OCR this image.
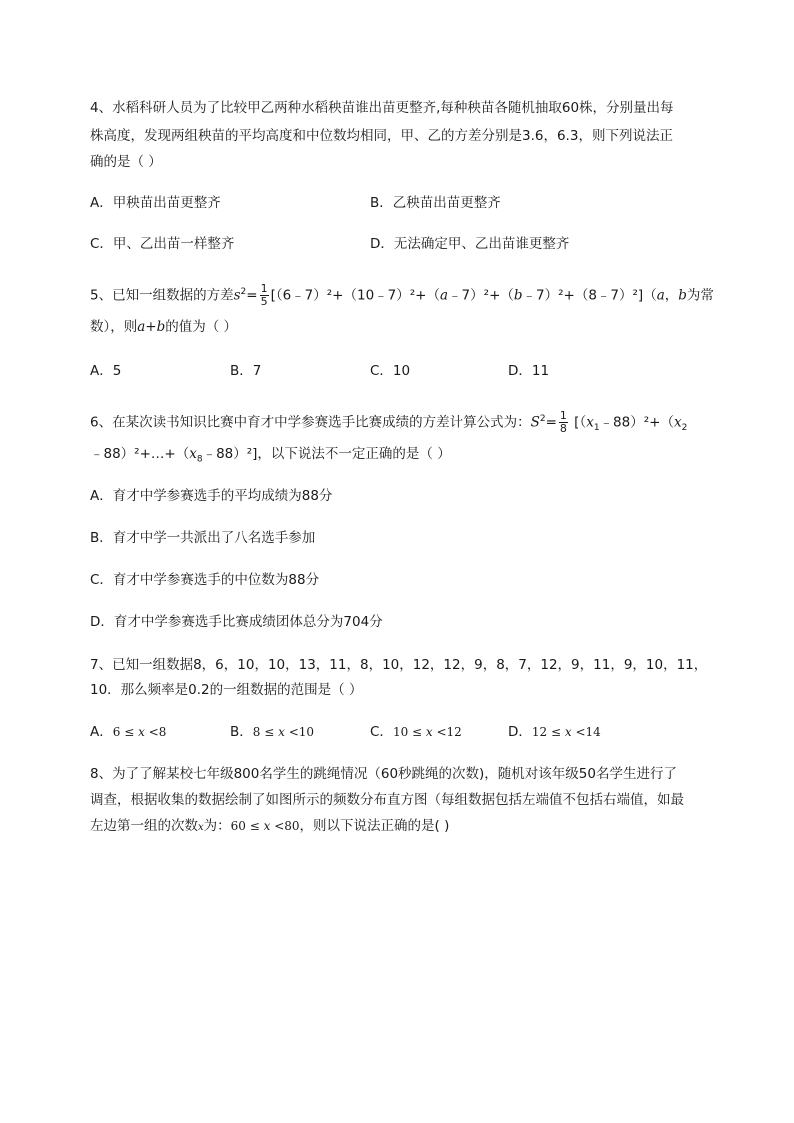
4、水稻科研人员为了比较甲乙两种水稻秧苗谁出苗更整齐,每种秧苗各随机抽取60株，分别量出每
株高度，发现两组秧苗的平均高度和中位数均相同，甲、乙的方差分别是3.6，6.3，则下列说法正
确的是（ ）
A．甲秧苗出苗更整齐	B．乙秧苗出苗更整齐
C．甲、乙出苗一样整齐	D．无法确定甲、乙出苗谁更整齐
5、已知一组数据的方差$s^2= \frac{1}{5}$ [（6﹣7）²+（10﹣7）²+（a﹣7）²+（b﹣7）²+（8﹣7）²]（a，b为常
数），则a+b的值为（ ）
A．5	B．7	C．10	D．11
6、在某次读书知识比赛中育才中学参赛选手比赛成绩的方差计算公式为：$S^2= \frac{1}{8}$ [$(x_1﹣88)^2+(x_2$
$﹣88)^2+\dots+(x_8﹣88)^2$]，以下说法不一定正确的是（ ）
A．育才中学参赛选手的平均成绩为88分
B．育才中学一共派出了八名选手参加
C．育才中学参赛选手的中位数为88分
D．育才中学参赛选手比赛成绩团体总分为704分
7、已知一组数据8，6，10，10，13，11，8，10，12，12，9，8，7，12，9，11，9，10，11，
10．那么频率是0.2的一组数据的范围是（ ）
A．6 ≤ x <8	B．8 ≤ x <10	C．10 ≤ x <12	D．12 ≤ x <14
8、为了了解某校七年级800名学生的跳绳情况（60秒跳绳的次数)，随机对该年级50名学生进行了
调查，根据收集的数据绘制了如图所示的频数分布直方图（每组数据包括左端值不包括右端值，如最
左边第一组的次数x为：60 ≤ x <80，则以下说法正确的是( )
